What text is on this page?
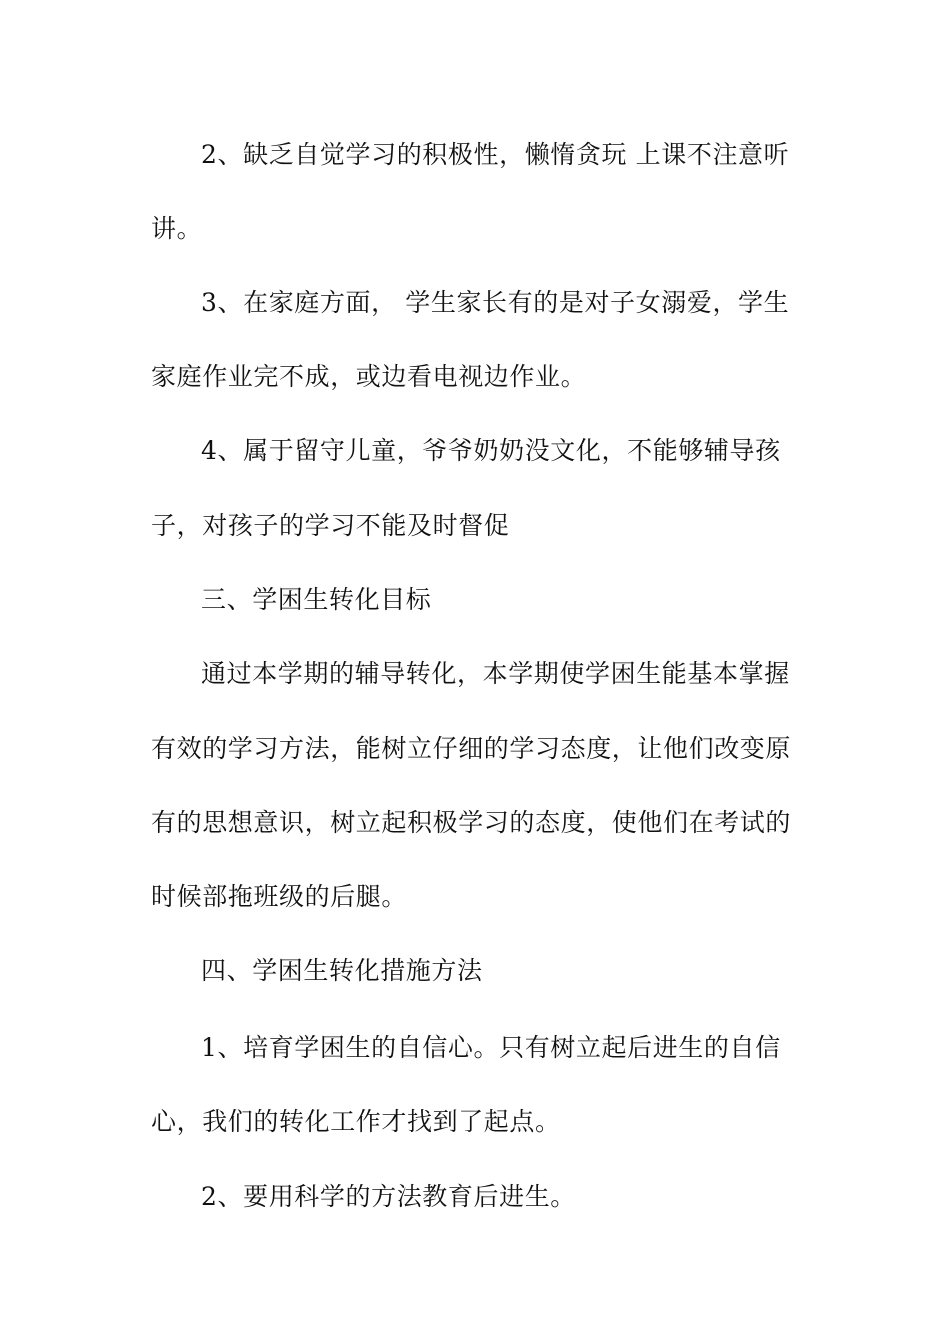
2、缺乏自觉学习的积极性，懒惰贪玩 上课不注意听
讲。
3、在家庭方面， 学生家长有的是对子女溺爱，学生
家庭作业完不成，或边看电视边作业。
4、属于留守儿童，爷爷奶奶没文化，不能够辅导孩
子，对孩子的学习不能及时督促
三、学困生转化目标
通过本学期的辅导转化，本学期使学困生能基本掌握
有效的学习方法，能树立仔细的学习态度，让他们改变原
有的思想意识，树立起积极学习的态度，使他们在考试的
时候部拖班级的后腿。
四、学困生转化措施方法
1、培育学困生的自信心。只有树立起后进生的自信
心，我们的转化工作才找到了起点。
2、要用科学的方法教育后进生。
